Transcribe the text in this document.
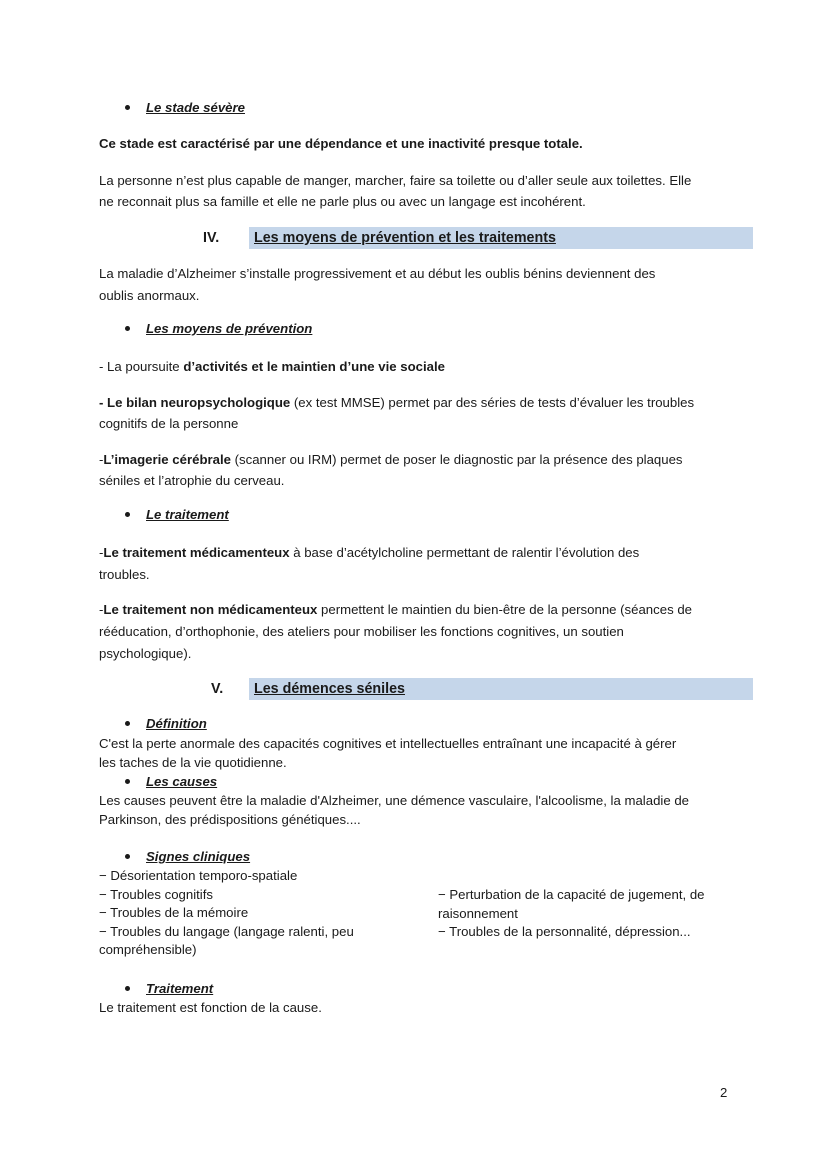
Le stade sévère

Ce stade est caractérisé par une dépendance et une inactivité presque totale.

La personne n’est plus capable de manger, marcher, faire sa toilette ou d’aller seule aux toilettes. Elle

ne reconnait plus sa famille et elle ne parle plus ou avec un langage est incohérent.

IV.	Les moyens de prévention et les traitements

La maladie d’Alzheimer s’installe progressivement et au début les oublis bénins deviennent des

oublis anormaux.

Les moyens de prévention

- La poursuite d’activités et le maintien d’une vie sociale

- Le bilan neuropsychologique (ex test MMSE) permet par des séries de tests d’évaluer les troubles

cognitifs de la personne

-L’imagerie cérébrale (scanner ou IRM) permet de poser le diagnostic par la présence des plaques

séniles et l’atrophie du cerveau.

Le traitement

-Le traitement médicamenteux à base d’acétylcholine permettant de ralentir l’évolution des

troubles.

-Le traitement non médicamenteux permettent le maintien du bien-être de la personne (séances de

rééducation, d’orthophonie, des ateliers pour mobiliser les fonctions cognitives, un soutien

psychologique).

V.	Les démences séniles
Définition

C'est la perte anormale des capacités cognitives et intellectuelles entraînant une incapacité à gérer

les taches de la vie quotidienne.

Les causes

Les causes peuvent être la maladie d'Alzheimer, une démence vasculaire, l'alcoolisme, la maladie de

Parkinson, des prédispositions génétiques....

Signes cliniques
− Désorientation temporo-spatiale
− Troubles cognitifs
− Troubles de la mémoire
− Troubles du langage (langage ralenti, peu
compréhensible)
− Perturbation de la capacité de jugement, de
raisonnement
− Troubles de la personnalité, dépression...
Traitement

Le traitement est fonction de la cause.

2
